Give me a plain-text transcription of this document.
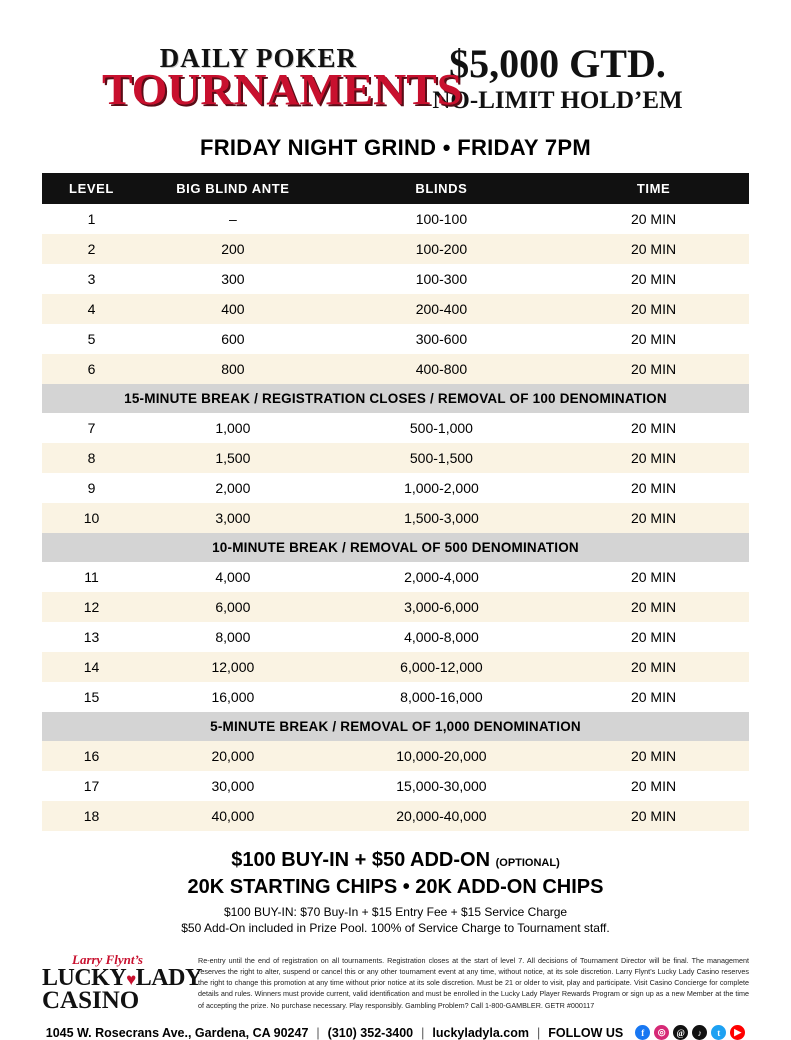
DAILY POKER
TOURNAMENTS
$5,000 GTD.
NO-LIMIT HOLD’EM
FRIDAY NIGHT GRIND • FRIDAY 7PM
LEVEL	BIG BLIND ANTE	BLINDS	TIME
1	–	100-100	20 MIN
2	200	100-200	20 MIN
3	300	100-300	20 MIN
4	400	200-400	20 MIN
5	600	300-600	20 MIN
6	800	400-800	20 MIN
15-MINUTE BREAK / REGISTRATION CLOSES / REMOVAL OF 100 DENOMINATION			
7	1,000	500-1,000	20 MIN
8	1,500	500-1,500	20 MIN
9	2,000	1,000-2,000	20 MIN
10	3,000	1,500-3,000	20 MIN
10-MINUTE BREAK / REMOVAL OF 500 DENOMINATION			
11	4,000	2,000-4,000	20 MIN
12	6,000	3,000-6,000	20 MIN
13	8,000	4,000-8,000	20 MIN
14	12,000	6,000-12,000	20 MIN
15	16,000	8,000-16,000	20 MIN
5-MINUTE BREAK / REMOVAL OF 1,000 DENOMINATION			
16	20,000	10,000-20,000	20 MIN
17	30,000	15,000-30,000	20 MIN
18	40,000	20,000-40,000	20 MIN
$100 BUY-IN + $50 ADD-ON (OPTIONAL)
20K STARTING CHIPS • 20K ADD-ON CHIPS
$100 BUY-IN: $70 Buy-In + $15 Entry Fee + $15 Service Charge
$50 Add-On included in Prize Pool. 100% of Service Charge to Tournament staff.
Larry Flynt’s
LUCKY♥LADY
CASINO
Re-entry until the end of registration on all tournaments. Registration closes at the start of level 7. All decisions of Tournament Director will be final. The management reserves the right to alter, suspend or cancel this or any other tournament event at any time, without notice, at its sole discretion. Larry Flynt’s Lucky Lady Casino reserves the right to change this promotion at any time without prior notice at its sole discretion. Must be 21 or older to visit, play and participate. Visit Casino Concierge for complete details and rules. Winners must provide current, valid identification and must be enrolled in the Lucky Lady Player Rewards Program or sign up as a new Member at the time of accepting the prize. No purchase necessary. Play responsibly. Gambling Problem? Call 1-800-GAMBLER. GETR #000117
1045 W. Rosecrans Ave., Gardena, CA 90247 | (310) 352-3400 | luckyladyla.com | FOLLOW US	f	◎	@	♪	t	▶
